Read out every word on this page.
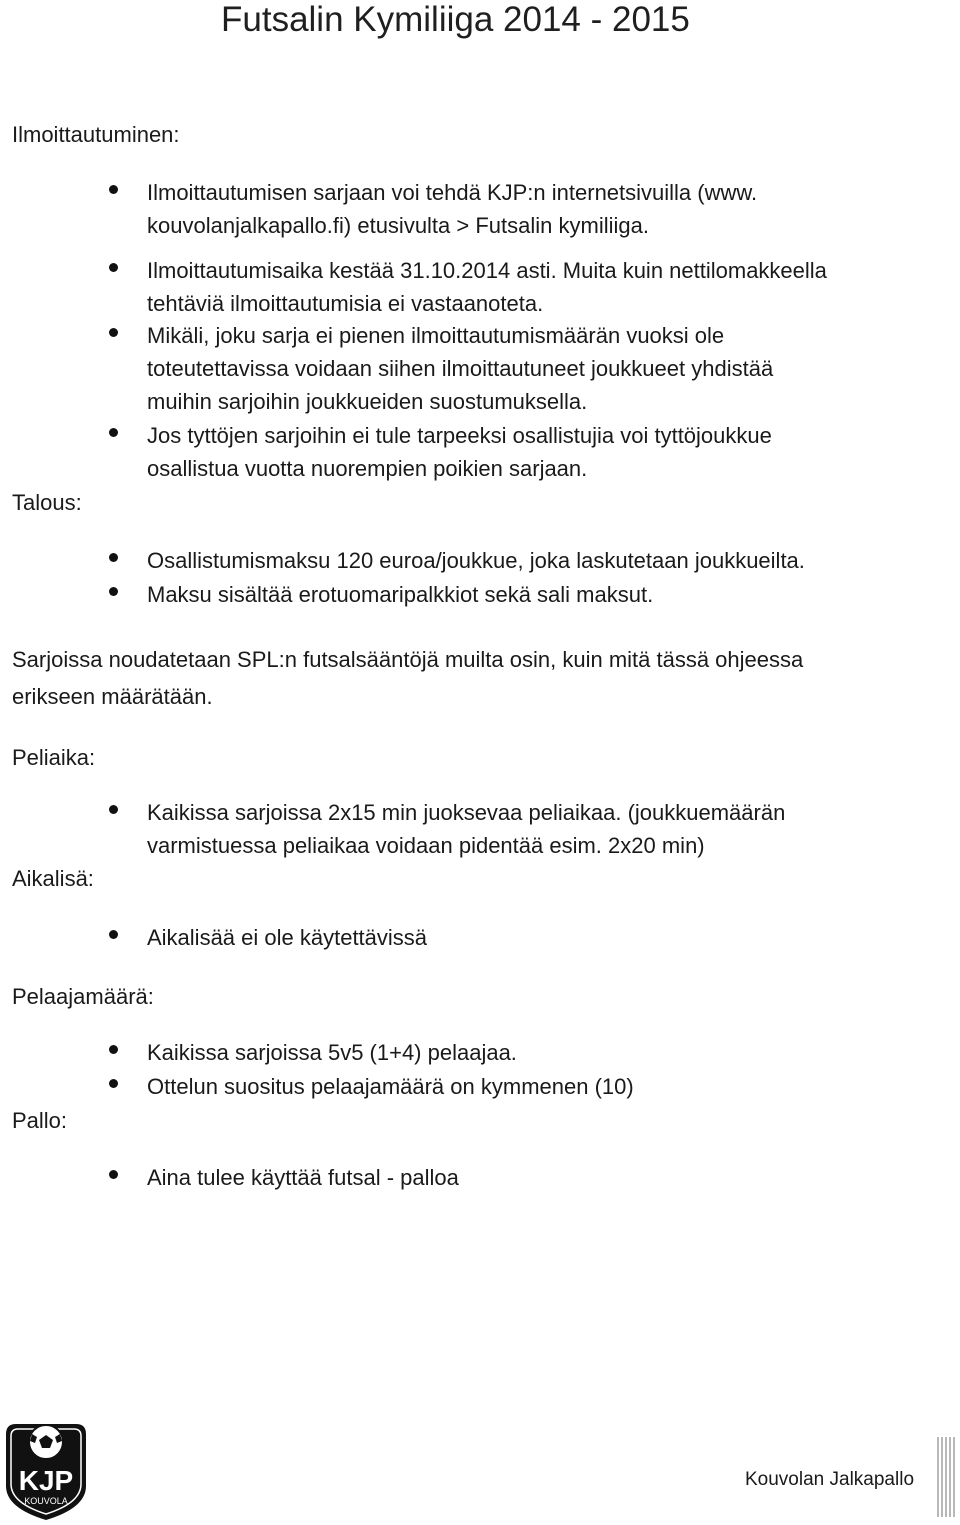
Futsalin Kymiliiga 2014 - 2015
Ilmoittautuminen:
Ilmoittautumisen sarjaan voi tehdä KJP:n internetsivuilla (www.
kouvolanjalkapallo.fi) etusivulta > Futsalin kymiliiga.
Ilmoittautumisaika kestää 31.10.2014 asti. Muita kuin nettilomakkeella
tehtäviä ilmoittautumisia ei vastaanoteta.
Mikäli, joku sarja ei pienen ilmoittautumismäärän vuoksi ole
toteutettavissa voidaan siihen ilmoittautuneet joukkueet yhdistää
muihin sarjoihin joukkueiden suostumuksella.
Jos tyttöjen sarjoihin ei tule tarpeeksi osallistujia voi tyttöjoukkue
osallistua vuotta nuorempien poikien sarjaan.
Talous:
Osallistumismaksu 120 euroa/joukkue, joka laskutetaan joukkueilta.
Maksu sisältää erotuomaripalkkiot sekä sali maksut.
Sarjoissa noudatetaan SPL:n futsalsääntöjä muilta osin, kuin mitä tässä ohjeessa
erikseen määrätään.
Peliaika:
Kaikissa sarjoissa 2x15 min juoksevaa peliaikaa. (joukkuemäärän
varmistuessa peliaikaa voidaan pidentää esim. 2x20 min)
Aikalisä:
Aikalisää ei ole käytettävissä
Pelaajamäärä:
Kaikissa sarjoissa 5v5 (1+4) pelaajaa.
Ottelun suositus pelaajamäärä on kymmenen (10)
Pallo:
Aina tulee käyttää futsal - palloa
KJP
KOUVOLA
Kouvolan Jalkapallo
